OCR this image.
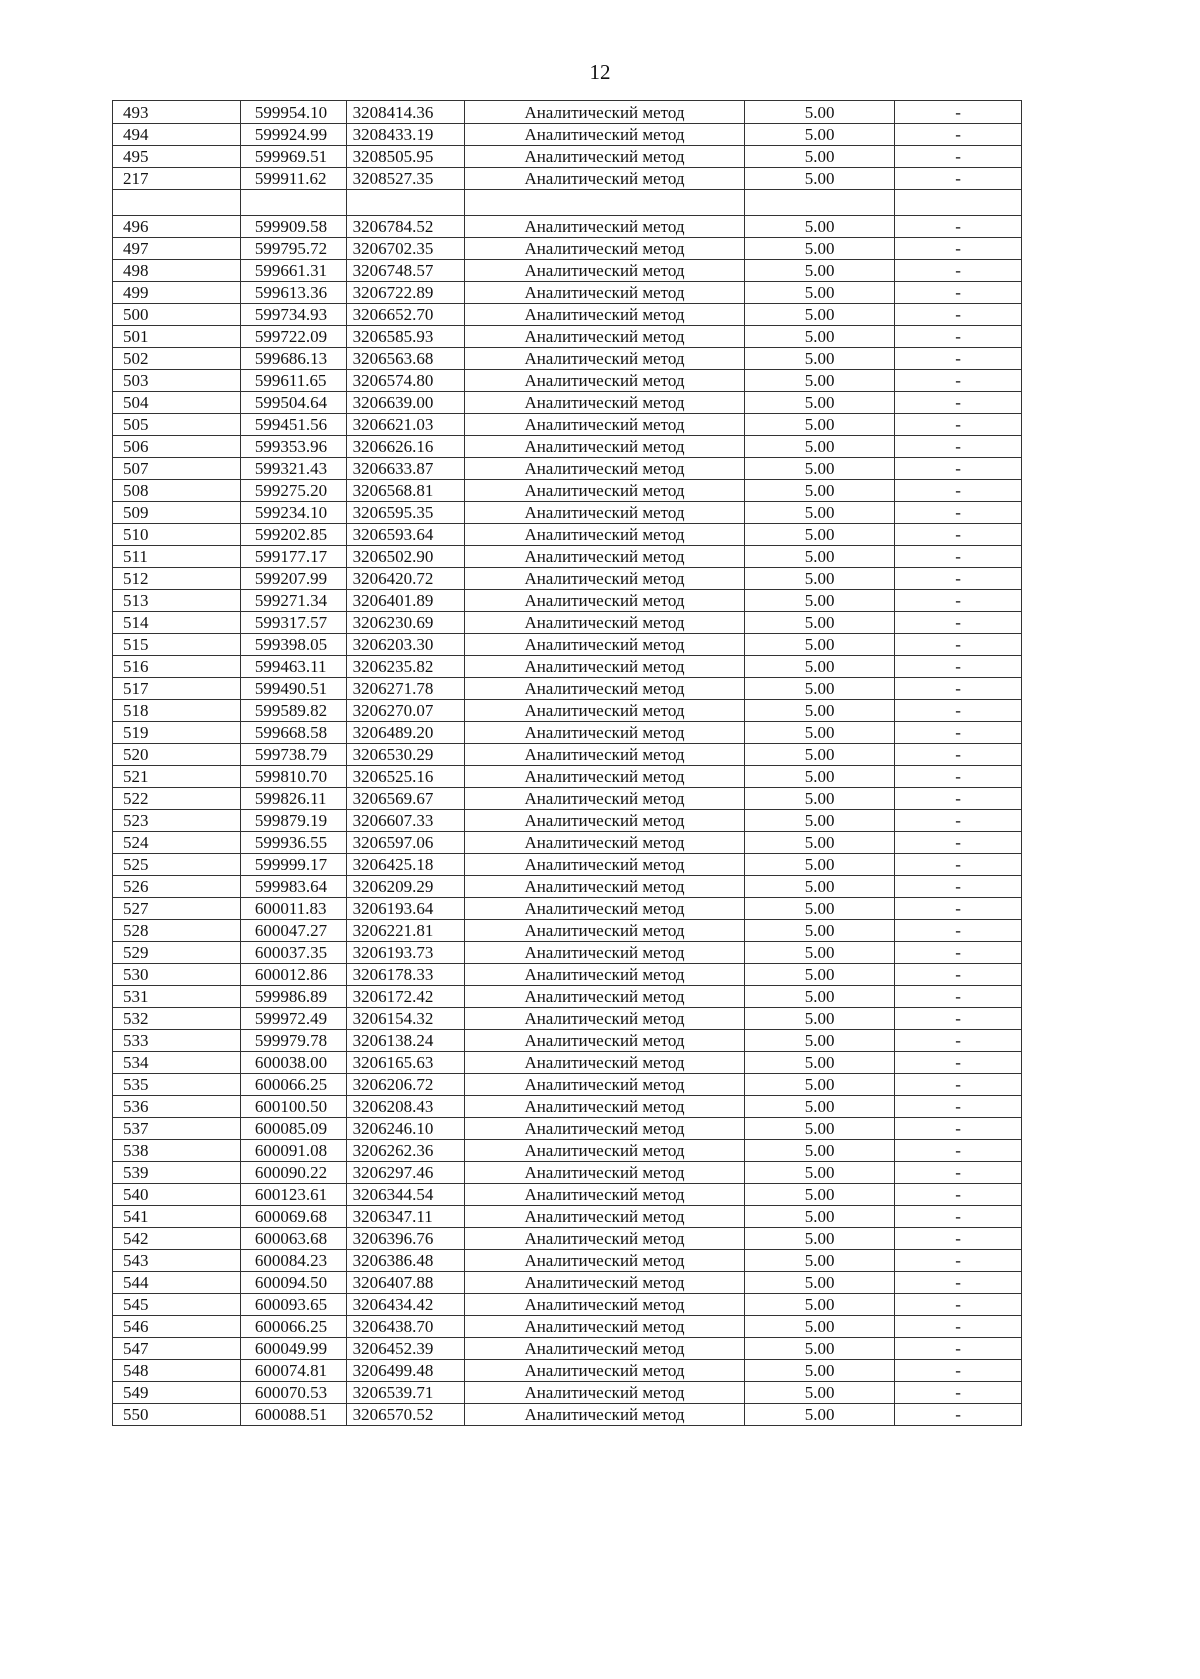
12
493	599954.10	3208414.36	Аналитический метод	5.00	-
494	599924.99	3208433.19	Аналитический метод	5.00	-
495	599969.51	3208505.95	Аналитический метод	5.00	-
217	599911.62	3208527.35	Аналитический метод	5.00	-

496	599909.58	3206784.52	Аналитический метод	5.00	-
497	599795.72	3206702.35	Аналитический метод	5.00	-
498	599661.31	3206748.57	Аналитический метод	5.00	-
499	599613.36	3206722.89	Аналитический метод	5.00	-
500	599734.93	3206652.70	Аналитический метод	5.00	-
501	599722.09	3206585.93	Аналитический метод	5.00	-
502	599686.13	3206563.68	Аналитический метод	5.00	-
503	599611.65	3206574.80	Аналитический метод	5.00	-
504	599504.64	3206639.00	Аналитический метод	5.00	-
505	599451.56	3206621.03	Аналитический метод	5.00	-
506	599353.96	3206626.16	Аналитический метод	5.00	-
507	599321.43	3206633.87	Аналитический метод	5.00	-
508	599275.20	3206568.81	Аналитический метод	5.00	-
509	599234.10	3206595.35	Аналитический метод	5.00	-
510	599202.85	3206593.64	Аналитический метод	5.00	-
511	599177.17	3206502.90	Аналитический метод	5.00	-
512	599207.99	3206420.72	Аналитический метод	5.00	-
513	599271.34	3206401.89	Аналитический метод	5.00	-
514	599317.57	3206230.69	Аналитический метод	5.00	-
515	599398.05	3206203.30	Аналитический метод	5.00	-
516	599463.11	3206235.82	Аналитический метод	5.00	-
517	599490.51	3206271.78	Аналитический метод	5.00	-
518	599589.82	3206270.07	Аналитический метод	5.00	-
519	599668.58	3206489.20	Аналитический метод	5.00	-
520	599738.79	3206530.29	Аналитический метод	5.00	-
521	599810.70	3206525.16	Аналитический метод	5.00	-
522	599826.11	3206569.67	Аналитический метод	5.00	-
523	599879.19	3206607.33	Аналитический метод	5.00	-
524	599936.55	3206597.06	Аналитический метод	5.00	-
525	599999.17	3206425.18	Аналитический метод	5.00	-
526	599983.64	3206209.29	Аналитический метод	5.00	-
527	600011.83	3206193.64	Аналитический метод	5.00	-
528	600047.27	3206221.81	Аналитический метод	5.00	-
529	600037.35	3206193.73	Аналитический метод	5.00	-
530	600012.86	3206178.33	Аналитический метод	5.00	-
531	599986.89	3206172.42	Аналитический метод	5.00	-
532	599972.49	3206154.32	Аналитический метод	5.00	-
533	599979.78	3206138.24	Аналитический метод	5.00	-
534	600038.00	3206165.63	Аналитический метод	5.00	-
535	600066.25	3206206.72	Аналитический метод	5.00	-
536	600100.50	3206208.43	Аналитический метод	5.00	-
537	600085.09	3206246.10	Аналитический метод	5.00	-
538	600091.08	3206262.36	Аналитический метод	5.00	-
539	600090.22	3206297.46	Аналитический метод	5.00	-
540	600123.61	3206344.54	Аналитический метод	5.00	-
541	600069.68	3206347.11	Аналитический метод	5.00	-
542	600063.68	3206396.76	Аналитический метод	5.00	-
543	600084.23	3206386.48	Аналитический метод	5.00	-
544	600094.50	3206407.88	Аналитический метод	5.00	-
545	600093.65	3206434.42	Аналитический метод	5.00	-
546	600066.25	3206438.70	Аналитический метод	5.00	-
547	600049.99	3206452.39	Аналитический метод	5.00	-
548	600074.81	3206499.48	Аналитический метод	5.00	-
549	600070.53	3206539.71	Аналитический метод	5.00	-
550	600088.51	3206570.52	Аналитический метод	5.00	-
